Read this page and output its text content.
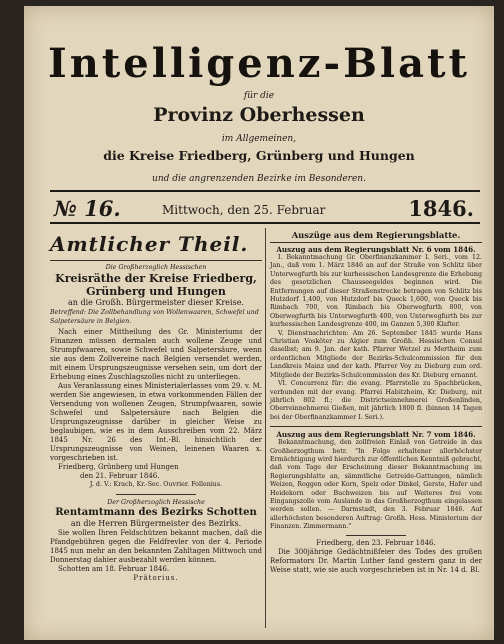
Intelligenz-Blatt
für die
Provinz Oberhessen
im Allgemeinen,
die Kreise Friedberg, Grünberg und Hungen
und die angrenzenden Bezirke im Besonderen.
№ 16.	Mittwoch, den 25. Februar	1846.

Amtlicher Theil.

Die Großherzoglich Hessischen

Kreisräthe der Kreise Friedberg, Grünberg und Hungen

an die Großh. Bürgermeister dieser Kreise.

Betreffend: Die Zollbehandlung von Wollenwaaren, Schwefel und Salpetersäure in Belgien.

Nach einer Mittheilung des Gr. Ministeriums der Finanzen müssen dermalen auch wollene Zeuge und Strumpfwaaren, sowie Schwefel und Salpetersäure, wenn sie aus dem Zollvereine nach Belgien versendet werden, mit einem Ursprungszeugnisse versehen sein, um dort der Erhebung eines Zuschlagszolles nicht zu unterliegen.

Aus Veranlassung eines Ministerialerlasses vom 29. v. M. werden Sie angewiesen, in etwa vorkommenden Fällen der Versendung von wollenen Zeugen, Strumpfwaaren, sowie Schwefel und Salpetersäure nach Belgien die Ursprungszeugnisse darüber in gleicher Weise zu beglaubigen, wie es in dem Ausschreiben vom 22. März 1845 Nr. 26 des Int.-Bl. hinsichtlich der Ursprungszeugnisse von Weinen, leinenen Waaren x. vorgeschrieben ist.

Friedberg, Grünberg und Hungen

den 21. Februar 1846.

J. d. V.: Krach, Kr.-Sec. Ouvrier. Follenius.

Der Großherzoglich Hessische

Rentamtmann des Bezirks Schotten

an die Herren Bürgermeister des Bezirks.

Sie wollen Ihren Feldschützen bekannt machen, daß die Pfandgebühren gegen die Feldfrevler von der 4. Periode 1845 nun mehr an den bekannten Zahltagen Mittwoch und Donnerstag dahier ausbezahlt werden können.

Schotten am 18. Februar 1846.

Prätorius.

Auszüge aus dem Regierungsblatte.

Auszug aus dem Regierungsblatt Nr. 6 vom 1846.

I. Bekanntmachung Gr. Oberfinanzkammer I. Seri., vom 12. Jan., daß vom 1. März 1846 an auf der Straße von Schlitz über Unterwegfurth bis zur kurhessischen Landesgrenze die Erhebung des gesetzlichen Chausseegeldes beginnen wird. Die Entfernungen auf dieser Straßenstrecke betragen von Schlitz bis Hutzdorf 1,400, von Hutzdorf bis Queck 1,600, von Queck bis Rimbach 700, von Rimbach bis Oberwegfurth 800, von Oberwegfurth bis Unterwegfurth 400, von Unterwegfurth bis zur kurhessischen Landesgrenze 400, im Ganzen 5,300 Klafter.

V. Dienstnachrichten: Am 26. September 1845 wurde Hans Christian Vosköter zu Algier zum Großh. Hessischen Consul daselbst; am 9. Jan. der kath. Pfarrer Wetzel zu Mertheim zum ordentlichen Mitgliede der Bezirks-Schulcommission für den Landkreis Mainz und der kath. Pfarrer Voy zu Dieburg zum ord. Mitgliede der Bezirks-Schulcommission des Kr. Dieburg ernannt.

VI. Concurrenz für: die evang. Pfarrstelle zu Spachbrücken, verbunden mit der evang. Pfarrei Habitzheim, Kr. Dieburg, mit jährlich 802 fl.; die Districtseinnehmerei Großenlinden, Oberreinnehmerei Gießen, mit jährlich 1800 fl. (binnen 14 Tagen bei der Oberfinanzkammer I. Seri.).

Auszug aus dem Regierungsblatt Nr. 7 vom 1846.

Bekanntmachung, den zollfreien Einlaß von Getreide in das Großherzogthum betr. "In Folge erhaltener allerhöchster Ermächtigung wird hierdurch zur öffentlichen Kenntniß gebracht, daß vom Tage der Erscheinung dieser Bekanntmachung im Regierungsblatte an, sämmtliche Getreide-Gattungen, nämlich Weizen, Roggen oder Korn, Spelz oder Dinkel, Gerste, Hafer und Heidekorn oder Buchweizen bis auf Weiteres frei vom Eingangszolle vom Auslande in das Großherzogthum eingelassen werden sollen. — Darmstadt, den 3. Februar 1846. Auf allerhöchsten besonderen Auftrag: Großh. Hess. Ministerium der Finanzen. Zimmermann."

Friedberg, den 23. Februar 1846.

Die 300jährige Gedächtnißfeier des Todes des großen Reformators Dr. Martin Luther fand gestern ganz in der Weise statt, wie sie auch vorgeschrieben ist in Nr. 14 d. Bl.
